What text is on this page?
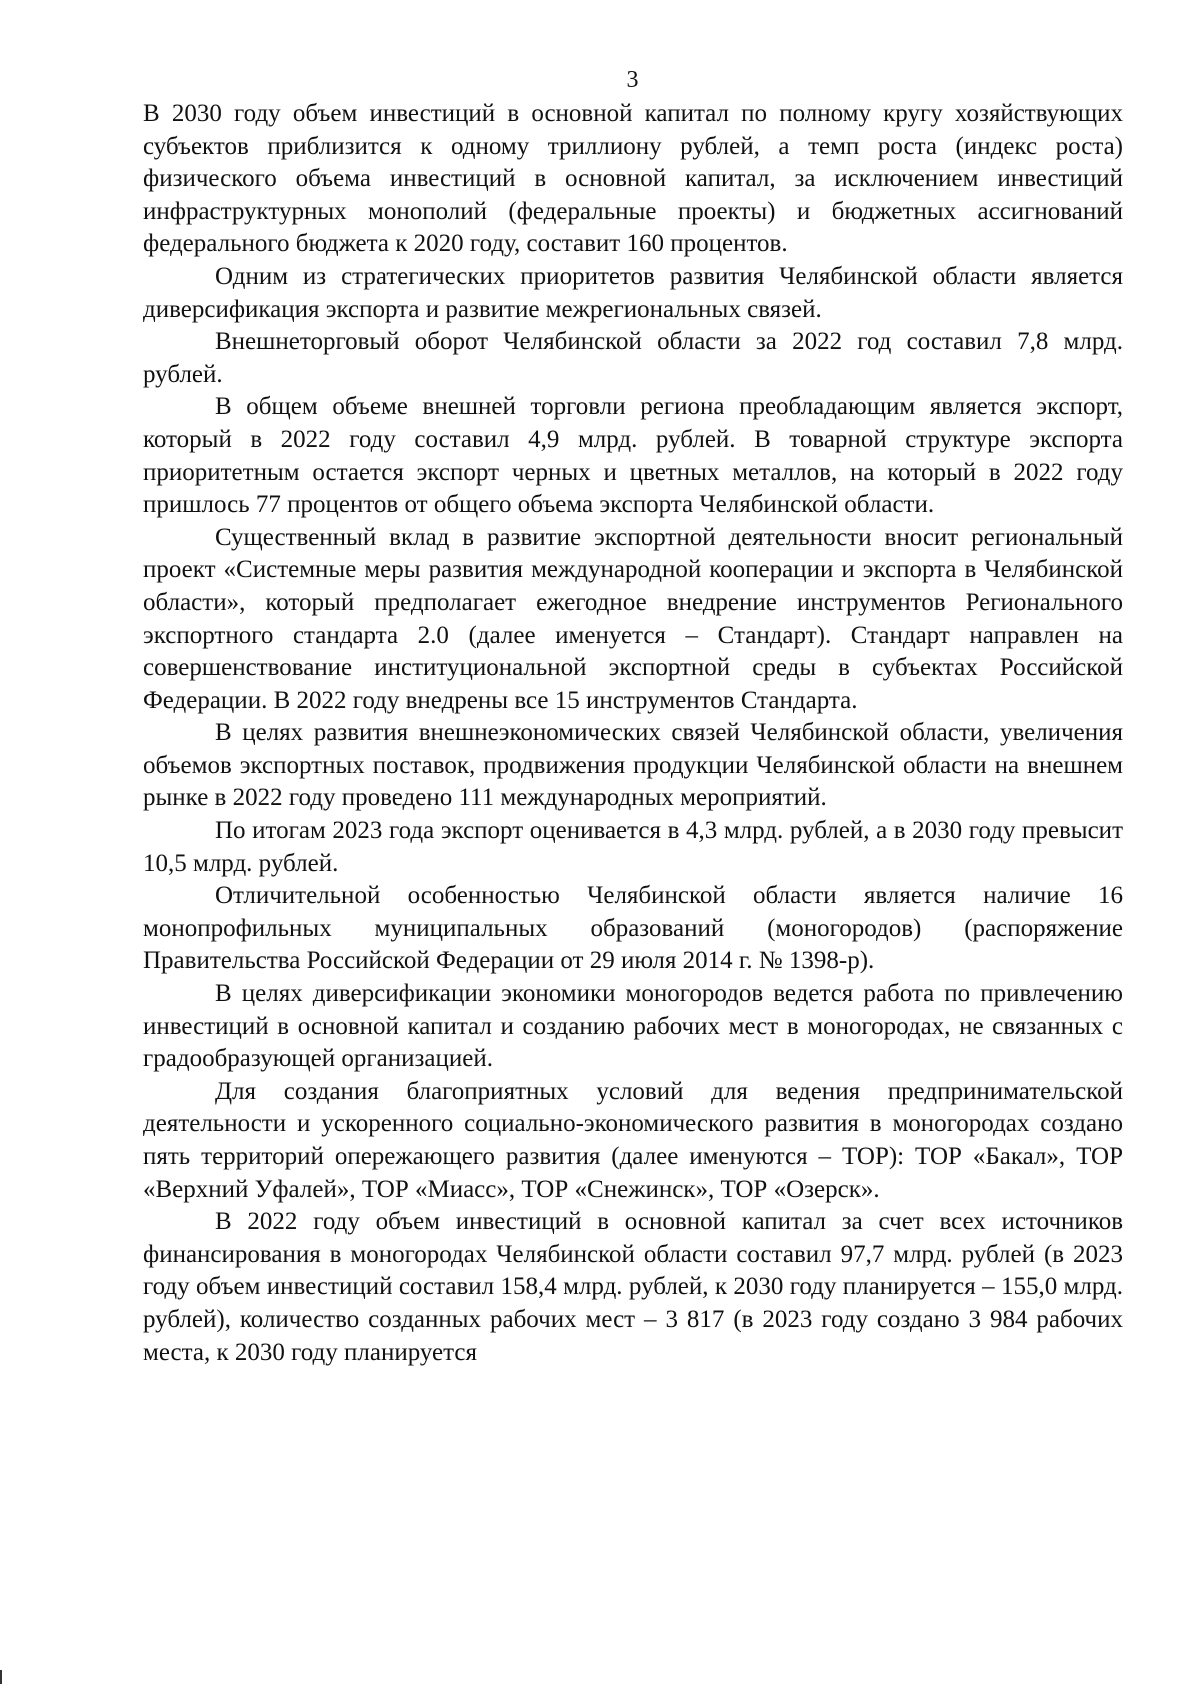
3

В 2030 году объем инвестиций в основной капитал по полному кругу хозяйствующих субъектов приблизится к одному триллиону рублей, а темп роста (индекс роста) физического объема инвестиций в основной капитал, за исключением инвестиций инфраструктурных монополий (федеральные проекты) и бюджетных ассигнований федерального бюджета к 2020 году, составит 160 процентов.

Одним из стратегических приоритетов развития Челябинской области является диверсификация экспорта и развитие межрегиональных связей.

Внешнеторговый оборот Челябинской области за 2022 год составил 7,8 млрд. рублей.

В общем объеме внешней торговли региона преобладающим является экспорт, который в 2022 году составил 4,9 млрд. рублей. В товарной структуре экспорта приоритетным остается экспорт черных и цветных металлов, на который в 2022 году пришлось 77 процентов от общего объема экспорта Челябинской области.

Существенный вклад в развитие экспортной деятельности вносит региональный проект «Системные меры развития международной кооперации и экспорта в Челябинской области», который предполагает ежегодное внедрение инструментов Регионального экспортного стандарта 2.0 (далее именуется – Стандарт). Стандарт направлен на совершенствование институциональной экспортной среды в субъектах Российской Федерации. В 2022 году внедрены все 15 инструментов Стандарта.

В целях развития внешнеэкономических связей Челябинской области, увеличения объемов экспортных поставок, продвижения продукции Челябинской области на внешнем рынке в 2022 году проведено 111 международных мероприятий.

По итогам 2023 года экспорт оценивается в 4,3 млрд. рублей, а в 2030 году превысит 10,5 млрд. рублей.

Отличительной особенностью Челябинской области является наличие 16 монопрофильных муниципальных образований (моногородов) (распоряжение Правительства Российской Федерации от 29 июля 2014 г. № 1398-р).

В целях диверсификации экономики моногородов ведется работа по привлечению инвестиций в основной капитал и созданию рабочих мест в моногородах, не связанных с градообразующей организацией.

Для создания благоприятных условий для ведения предпринимательской деятельности и ускоренного социально-экономического развития в моногородах создано пять территорий опережающего развития (далее именуются – ТОР): ТОР «Бакал», ТОР «Верхний Уфалей», ТОР «Миасс», ТОР «Снежинск», ТОР «Озерск».

В 2022 году объем инвестиций в основной капитал за счет всех источников финансирования в моногородах Челябинской области составил 97,7 млрд. рублей (в 2023 году объем инвестиций составил 158,4 млрд. рублей, к 2030 году планируется – 155,0 млрд. рублей), количество созданных рабочих мест – 3 817 (в 2023 году создано 3 984 рабочих места, к 2030 году планируется
